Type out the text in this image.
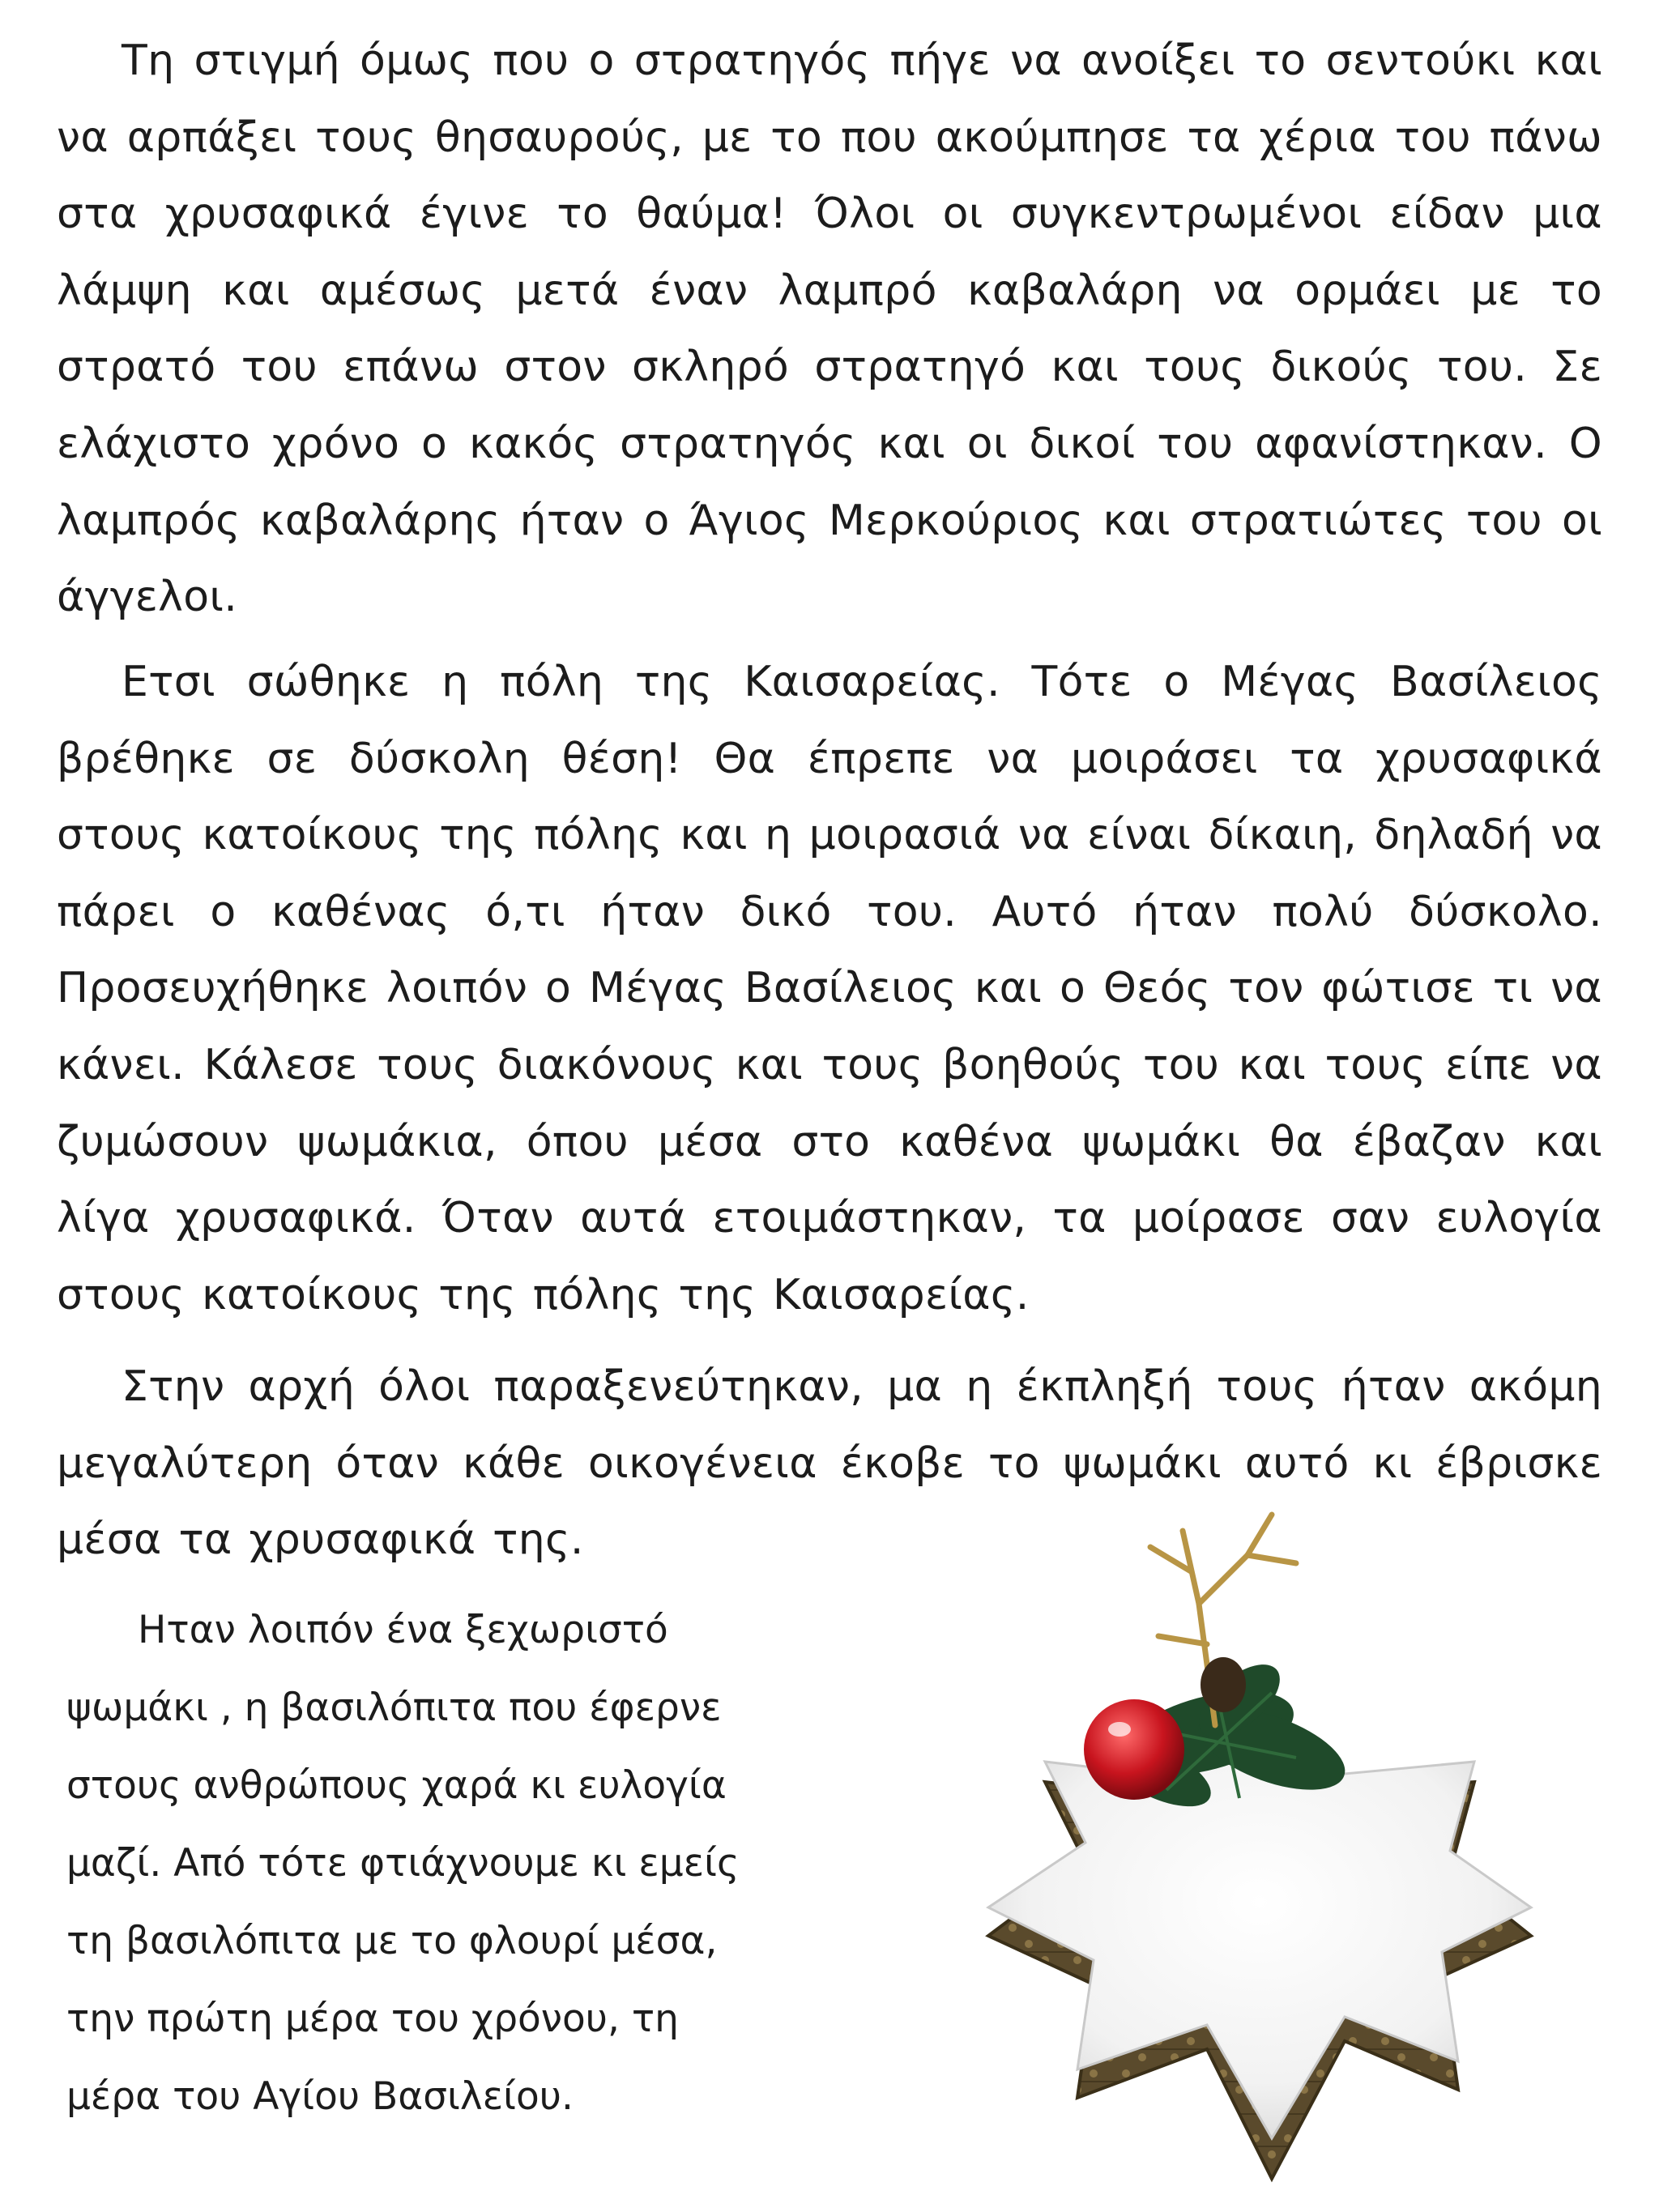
Τη στιγμή όμως που ο στρατηγός πήγε να ανοίξει το σεντούκι και να αρπάξει τους θησαυρούς, με το που ακούμπησε τα χέρια του πάνω στα χρυσαφικά έγινε το θαύμα! Όλοι οι συγκεντρωμένοι είδαν μια λάμψη και αμέσως μετά έναν λαμπρό καβαλάρη να ορμάει με το στρατό του επάνω στον σκληρό στρατηγό και τους δικούς του. Σε ελάχιστο χρόνο ο κακός στρατηγός και οι δικοί του αφανίστηκαν. Ο λαμπρός καβαλάρης ήταν ο Άγιος Μερκούριος και στρατιώτες του οι άγγελοι.

Ετσι σώθηκε η πόλη της Καισαρείας. Τότε ο Μέγας Βασίλειος βρέθηκε σε δύσκολη θέση! Θα έπρεπε να μοιράσει τα χρυσαφικά στους κατοίκους της πόλης και η μοιρασιά να είναι δίκαιη, δηλαδή να πάρει ο καθένας ό,τι ήταν δικό του. Αυτό ήταν πολύ δύσκολο. Προσευχήθηκε λοιπόν ο Μέγας Βασίλειος και ο Θεός τον φώτισε τι να κάνει. Κάλεσε τους διακόνους και τους βοηθούς του και τους είπε να ζυμώσουν ψωμάκια, όπου μέσα στο καθένα ψωμάκι θα έβαζαν και λίγα χρυσαφικά. Όταν αυτά ετοιμάστηκαν, τα μοίρασε σαν ευλογία στους κατοίκους της πόλης της Καισαρείας.

Στην αρχή όλοι παραξενεύτηκαν, μα η έκπληξή τους ήταν ακόμη μεγαλύτερη όταν κάθε οικογένεια έκοβε το ψωμάκι αυτό κι έβρισκε μέσα τα χρυσαφικά της.

Ηταν λοιπόν ένα ξεχωριστό
ψωμάκι , η βασιλόπιτα που έφερνε
στους ανθρώπους χαρά κι ευλογία
μαζί. Από τότε φτιάχνουμε κι εμείς
τη βασιλόπιτα με το φλουρί μέσα,
την πρώτη μέρα του χρόνου, τη
μέρα του Αγίου Βασιλείου.
